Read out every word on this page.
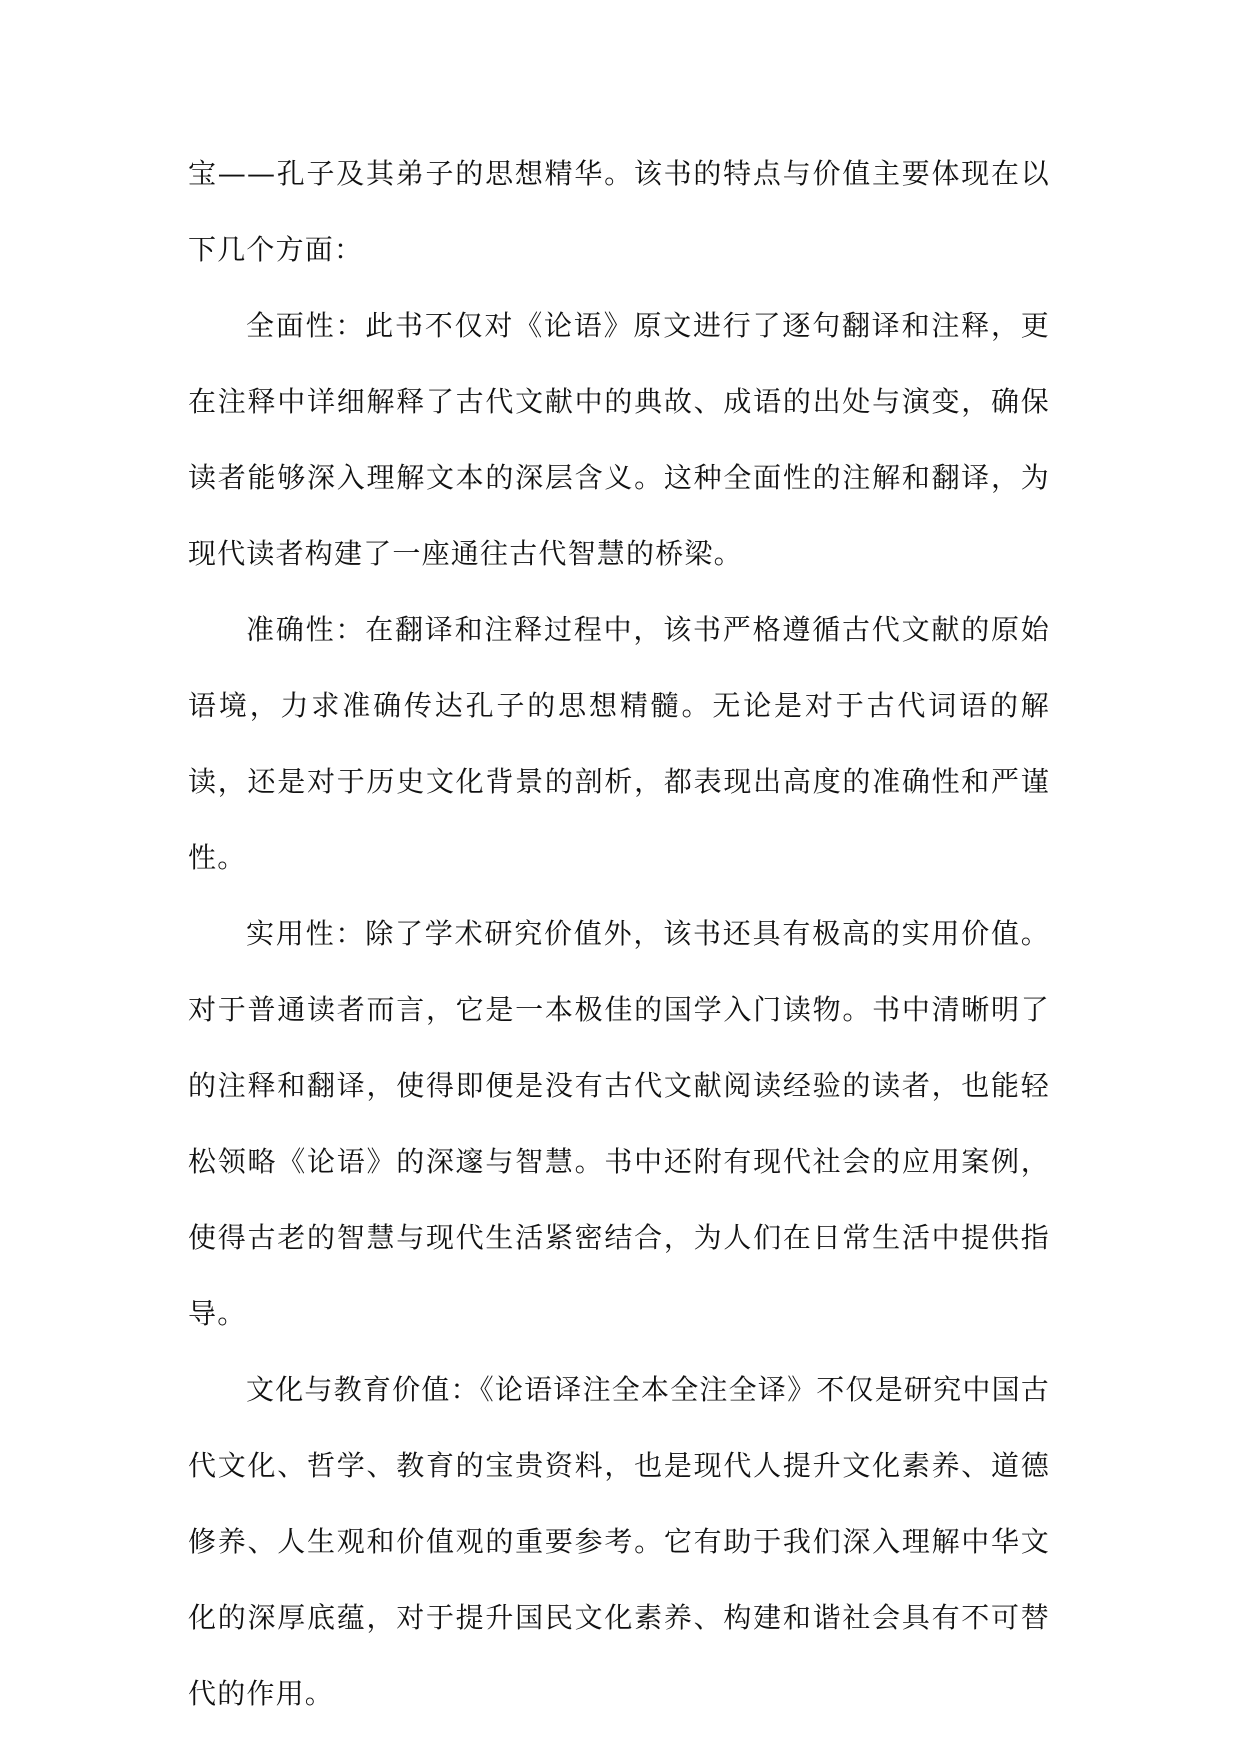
宝——孔子及其弟子的思想精华。该书的特点与价值主要体现在以下几个方面：

全面性：此书不仅对《论语》原文进行了逐句翻译和注释，更在注释中详细解释了古代文献中的典故、成语的出处与演变，确保读者能够深入理解文本的深层含义。这种全面性的注解和翻译，为现代读者构建了一座通往古代智慧的桥梁。

准确性：在翻译和注释过程中，该书严格遵循古代文献的原始语境，力求准确传达孔子的思想精髓。无论是对于古代词语的解读，还是对于历史文化背景的剖析，都表现出高度的准确性和严谨性。

实用性：除了学术研究价值外，该书还具有极高的实用价值。对于普通读者而言，它是一本极佳的国学入门读物。书中清晰明了的注释和翻译，使得即便是没有古代文献阅读经验的读者，也能轻松领略《论语》的深邃与智慧。书中还附有现代社会的应用案例，使得古老的智慧与现代生活紧密结合，为人们在日常生活中提供指导。

文化与教育价值：《论语译注全本全注全译》不仅是研究中国古代文化、哲学、教育的宝贵资料，也是现代人提升文化素养、道德修养、人生观和价值观的重要参考。它有助于我们深入理解中华文化的深厚底蕴，对于提升国民文化素养、构建和谐社会具有不可替代的作用。
